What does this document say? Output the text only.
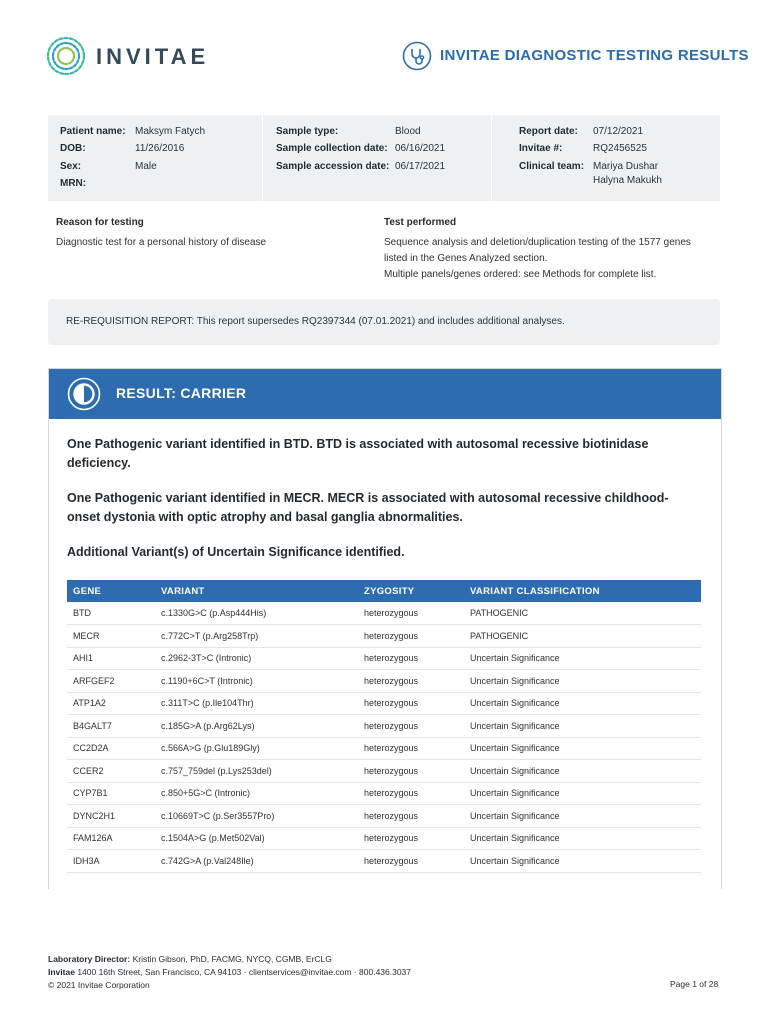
INVITAE	INVITAE DIAGNOSTIC TESTING RESULTS
Patient name: Maksym Fatych
DOB:	11/26/2016
Sex:	Male
MRN:
Sample type:	Blood
Sample collection date: 06/16/2021
Sample accession date: 06/17/2021
Report date: 07/12/2021
Invitae #:	RQ2456525
Clinical team: Mariya Dushar
Halyna Makukh
Reason for testing
Diagnostic test for a personal history of disease
Test performed
Sequence analysis and deletion/duplication testing of the 1577 genes
listed in the Genes Analyzed section.
Multiple panels/genes ordered: see Methods for complete list.
RE-REQUISITION REPORT: This report supersedes RQ2397344 (07.01.2021) and includes additional analyses.
RESULT: CARRIER
One Pathogenic variant identified in BTD. BTD is associated with autosomal recessive biotinidase
deficiency.
One Pathogenic variant identified in MECR. MECR is associated with autosomal recessive childhood-
onset dystonia with optic atrophy and basal ganglia abnormalities.
Additional Variant(s) of Uncertain Significance identified.
GENE	VARIANT	ZYGOSITY	VARIANT CLASSIFICATION
BTD	c.1330G>C (p.Asp444His)	heterozygous	PATHOGENIC
MECR	c.772C>T (p.Arg258Trp)	heterozygous	PATHOGENIC
AHI1	c.2962-3T>C (Intronic)	heterozygous	Uncertain Significance
ARFGEF2	c.1190+6C>T (Intronic)	heterozygous	Uncertain Significance
ATP1A2	c.311T>C (p.Ile104Thr)	heterozygous	Uncertain Significance
B4GALT7	c.185G>A (p.Arg62Lys)	heterozygous	Uncertain Significance
CC2D2A	c.566A>G (p.Glu189Gly)	heterozygous	Uncertain Significance
CCER2	c.757_759del (p.Lys253del)	heterozygous	Uncertain Significance
CYP7B1	c.850+5G>C (Intronic)	heterozygous	Uncertain Significance
DYNC2H1	c.10669T>C (p.Ser3557Pro)	heterozygous	Uncertain Significance
FAM126A	c.1504A>G (p.Met502Val)	heterozygous	Uncertain Significance
IDH3A	c.742G>A (p.Val248Ile)	heterozygous	Uncertain Significance
Laboratory Director: Kristin Gibson, PhD, FACMG, NYCQ, CGMB, ErCLG
Invitae 1400 16th Street, San Francisco, CA 94103 · clientservices@invitae.com · 800.436.3037
© 2021 Invitae Corporation	Page 1 of 28
